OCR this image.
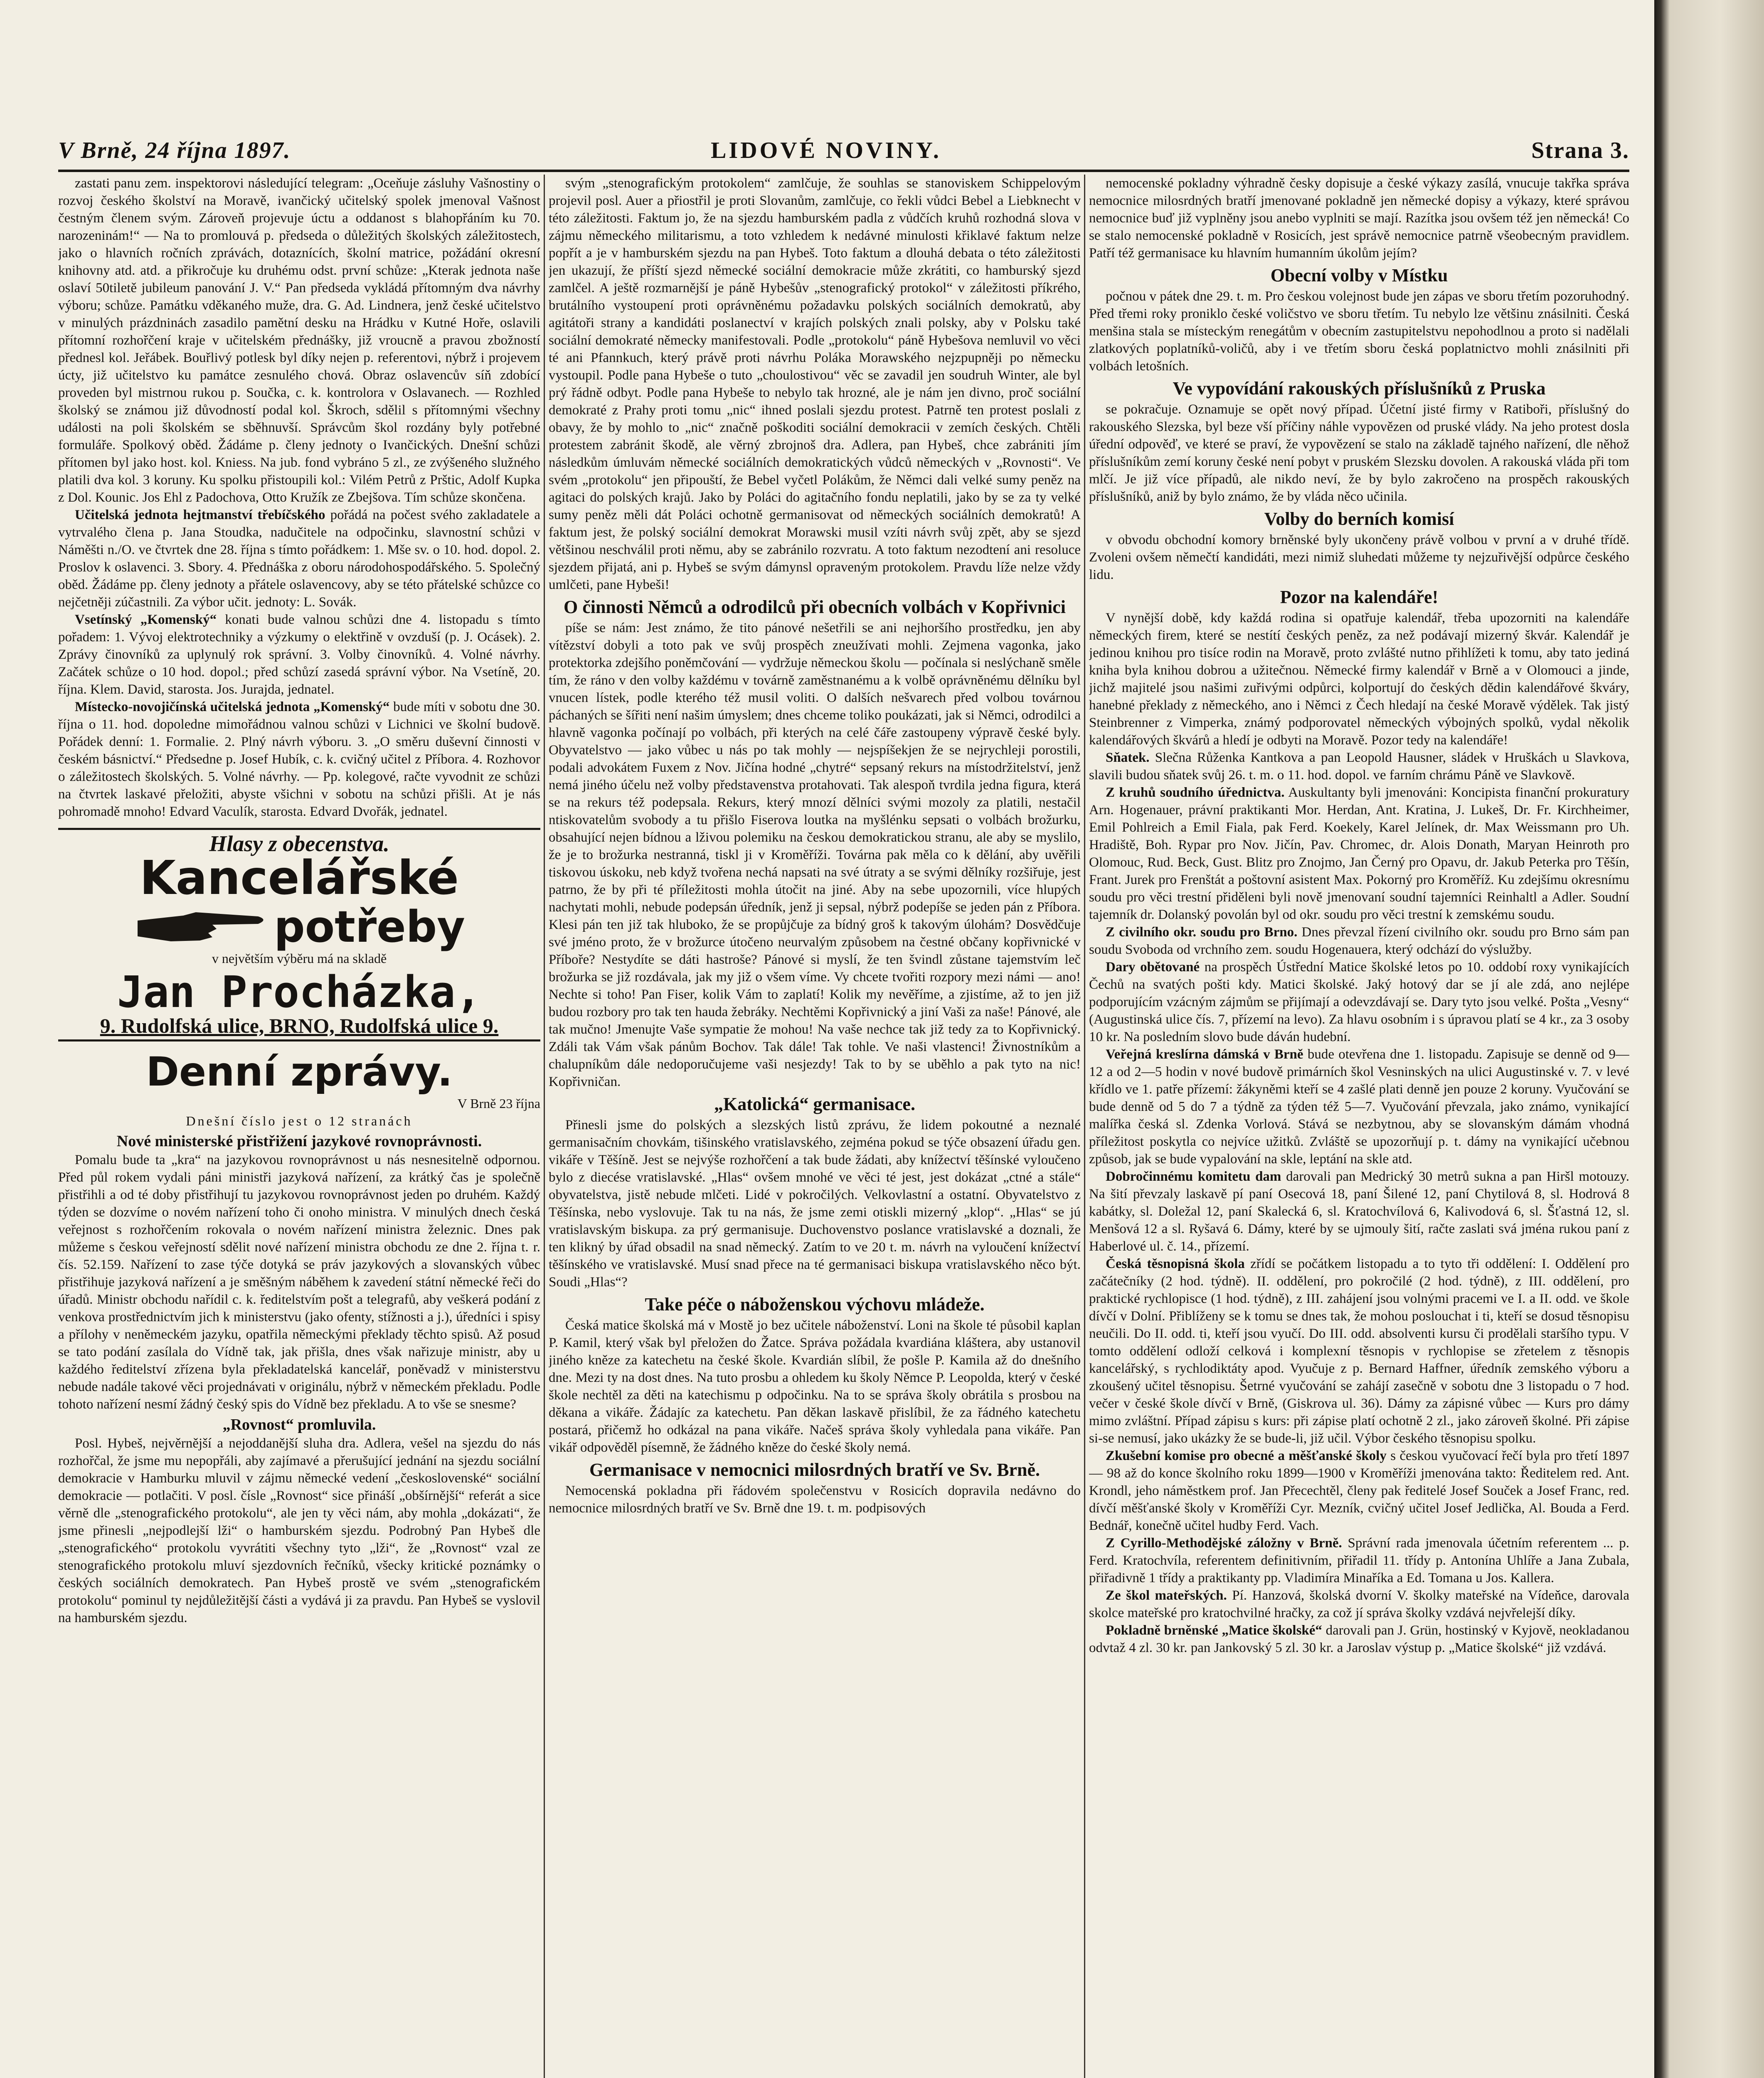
V Brně, 24 října 1897.	LIDOVÉ NOVINY.	Strana 3.

zastati panu zem. inspektorovi následující telegram: „Oceňuje zásluhy Vašnostiny o rozvoj českého školství na Moravě, ivančický učitelský spolek jmenoval Vašnost čestným členem svým. Zároveň projevuje úctu a oddanost s blahopřáním ku 70. narozeninám!“ — Na to promlouvá p. předseda o důležitých školských záležitostech, jako o hlavních ročních zprávách, dotaznících, školní matrice, požádání okresní knihovny atd. atd. a přikročuje ku druhému odst. první schůze: „Kterak jednota naše oslaví 50tiletě jubileum panování J. V.“ Pan předseda vykládá přítomným dva návrhy výboru; schůze. Památku vděkaného muže, dra. G. Ad. Lindnera, jenž české učitelstvo v minulých prázdninách zasadilo pamětní desku na Hrádku v Kutné Hoře, oslavili přítomní rozhořčení kraje v učitelském přednášky, již vroucně a pravou zbožností přednesl kol. Jeřábek. Bouřlivý potlesk byl díky nejen p. referentovi, nýbrž i projevem úcty, již učitelstvo ku památce zesnulého chová. Obraz oslavencův síň zdobící proveden byl mistrnou rukou p. Součka, c. k. kontrolora v Oslavanech. — Rozhled školský se známou již důvodností podal kol. Škroch, sdělil s přítomnými všechny události na poli školském se sběhnuvší. Správcům škol rozdány byly potřebné formuláře. Spolkový oběd. Žádáme p. členy jednoty o Ivančických. Dnešní schůzi přítomen byl jako host. kol. Kniess. Na jub. fond vybráno 5 zl., ze zvýšeného služného platili dva kol. 3 koruny. Ku spolku přistoupili kol.: Vilém Petrů z Prštic, Adolf Kupka z Dol. Kounic. Jos Ehl z Padochova, Otto Kružík ze Zbejšova. Tím schůze skončena.

Učitelská jednota hejtmanství třebíčského pořádá na počest svého zakladatele a vytrvalého člena p. Jana Stoudka, nadučitele na odpočinku, slavnostní schůzi v Náměšti n./O. ve čtvrtek dne 28. října s tímto pořádkem: 1. Mše sv. o 10. hod. dopol. 2. Proslov k oslavenci. 3. Sbory. 4. Přednáška z oboru národohospodářského. 5. Společný oběd. Žádáme pp. členy jednoty a přátele oslavencovy, aby se této přátelské schůzce co nejčetněji zúčastnili. Za výbor učit. jednoty: L. Sovák.

Vsetínský „Komenský“ konati bude valnou schůzi dne 4. listopadu s tímto pořadem: 1. Vývoj elektrotechniky a výzkumy o elektřině v ovzduší (p. J. Ocásek). 2. Zprávy činovníků za uplynulý rok správní. 3. Volby činovníků. 4. Volné návrhy. Začátek schůze o 10 hod. dopol.; před schůzí zasedá správní výbor. Na Vsetíně, 20. října. Klem. David, starosta. Jos. Jurajda, jednatel.

Místecko-novojičínská učitelská jednota „Komenský“ bude míti v sobotu dne 30. října o 11. hod. dopoledne mimořádnou valnou schůzi v Lichnici ve školní budově. Pořádek denní: 1. Formalie. 2. Plný návrh výboru. 3. „O směru duševní činnosti v českém básnictví.“ Předsedne p. Josef Hubík, c. k. cvičný učitel z Příbora. 4. Rozhovor o záležitostech školských. 5. Volné návrhy. — Pp. kolegové, račte vyvodnit ze schůzi na čtvrtek laskavé přeložiti, abyste všichni v sobotu na schůzi přišli. At je nás pohromadě mnoho! Edvard Vaculík, starosta. Edvard Dvořák, jednatel.

Hlasy z obecenstva.
Kancelářské
potřeby
v největším výběru má na skladě
Jan Procházka,
9. Rudolfská ulice, BRNO, Rudolfská ulice 9.
Denní zprávy.
V Brně 23 října
Dnešní číslo jest o 12 stranách
Nové ministerské přistřižení jazykové rovnoprávnosti.

Pomalu bude ta „kra“ na jazykovou rovnoprávnost u nás nesnesitelně odpornou. Před půl rokem vydali páni ministři jazyková nařízení, za krátký čas je společně přistřihli a od té doby přistřihují tu jazykovou rovnoprávnost jeden po druhém. Každý týden se dozvíme o novém nařízení toho či onoho ministra. V minulých dnech česká veřejnost s rozhořčením rokovala o novém nařízení ministra železnic. Dnes pak můžeme s českou veřejností sdělit nové nařízení ministra obchodu ze dne 2. října t. r. čís. 52.159. Nařízení to zase týče dotyká se práv jazykových a slovanských vůbec přistřihuje jazyková nařízení a je směšným náběhem k zavedení státní německé řeči do úřadů. Ministr obchodu nařídil c. k. ředitelstvím pošt a telegrafů, aby veškerá podání z venkova prostřednictvím jich k ministerstvu (jako ofenty, stížnosti a j.), úředníci i spisy a přílohy v neněmeckém jazyku, opatřila německými překlady těchto spisů. Až posud se tato podání zasílala do Vídně tak, jak přišla, dnes však nařizuje ministr, aby u každého ředitelství zřízena byla překladatelská kancelář, poněvadž v ministerstvu nebude nadále takové věci projednávati v originálu, nýbrž v německém překladu. Podle tohoto nařízení nesmí žádný český spis do Vídně bez překladu. A to vše se snesme?

„Rovnost“ promluvila.

Posl. Hybeš, nejvěrnější a nejoddanější sluha dra. Adlera, vešel na sjezdu do nás rozhořčal, že jsme mu nepopřáli, aby zajímavé a přerušující jednání na sjezdu sociální demokracie v Hamburku mluvil v zájmu německé vedení „československé“ sociální demokracie — potlačiti. V posl. čísle „Rovnost“ sice přináší „obšírnější“ referát a sice věrně dle „stenografického protokolu“, ale jen ty věci nám, aby mohla „dokázati“, že jsme přinesli „nejpodlejší lži“ o hamburském sjezdu. Podrobný Pan Hybeš dle „stenografického“ protokolu vyvrátiti všechny tyto „lži“, že „Rovnost“ vzal ze stenografického protokolu mluví sjezdovních řečníků, všecky kritické poznámky o českých sociálních demokratech. Pan Hybeš prostě ve svém „stenografickém protokolu“ pominul ty nejdůležitější části a vydává ji za pravdu. Pan Hybeš se vyslovil na hamburském sjezdu.

svým „stenografickým protokolem“ zamlčuje, že souhlas se stanoviskem Schippelovým projevil posl. Auer a přiostřil je proti Slovanům, zamlčuje, co řekli vůdci Bebel a Liebknecht v této záležitosti. Faktum jo, že na sjezdu hamburském padla z vůdčích kruhů rozhodná slova v zájmu německého militarismu, a toto vzhledem k nedávné minulosti křiklavé faktum nelze popřít a je v hamburském sjezdu na pan Hybeš. Toto faktum a dlouhá debata o této záležitosti jen ukazují, že příští sjezd německé sociální demokracie může zkrátiti, co hamburský sjezd zamlčel. A ještě rozmarnější je páně Hybešův „stenografický protokol“ v záležitosti příkrého, brutálního vystoupení proti oprávněnému požadavku polských sociálních demokratů, aby agitátoři strany a kandidáti poslanectví v krajích polských znali polsky, aby v Polsku také sociální demokraté německy manifestovali. Podle „protokolu“ páně Hybešova nemluvil vo věci té ani Pfannkuch, který právě proti návrhu Poláka Morawského nejzpupněji po německu vystoupil. Podle pana Hybeše o tuto „choulostivou“ věc se zavadil jen soudruh Winter, ale byl prý řádně odbyt. Podle pana Hybeše to nebylo tak hrozné, ale je nám jen divno, proč sociální demokraté z Prahy proti tomu „nic“ ihned poslali sjezdu protest. Patrně ten protest poslali z obavy, že by mohlo to „nic“ značně poškoditi sociální demokracii v zemích českých. Chtěli protestem zabránit škodě, ale věrný zbrojnoš dra. Adlera, pan Hybeš, chce zabrániti jím následkům úmluvám německé sociálních demokratických vůdců německých v „Rovnosti“. Ve svém „protokolu“ jen připouští, že Bebel vyčetl Polákům, že Němci dali velké sumy peněz na agitaci do polských krajů. Jako by Poláci do agitačního fondu neplatili, jako by se za ty velké sumy peněz měli dát Poláci ochotně germanisovat od německých sociálních demokratů! A faktum jest, že polský sociální demokrat Morawski musil vzíti návrh svůj zpět, aby se sjezd většinou neschválil proti němu, aby se zabránilo rozvratu. A toto faktum nezodtení ani resoluce sjezdem přijatá, ani p. Hybeš se svým dámynsl opraveným protokolem. Pravdu líže nelze vždy umlčeti, pane Hybeši!

O činnosti Němců a odrodilců při obecních volbách v Kopřivnici

píše se nám: Jest známo, že tito pánové nešetřili se ani nejhoršího prostředku, jen aby vítězství dobyli a toto pak ve svůj prospěch zneužívati mohli. Zejmena vagonka, jako protektorka zdejšího poněmčování — vydržuje německou školu — počínala si neslýchaně směle tím, že ráno v den volby každému v továrně zaměstnanému a k volbě oprávněnému dělníku byl vnucen lístek, podle kterého též musil voliti. O dalších nešvarech před volbou továrnou páchaných se šířiti není našim úmyslem; dnes chceme toliko poukázati, jak si Němci, odrodilci a hlavně vagonka počínají po volbách, při kterých na celé čáře zastoupeny výpravě české byly. Obyvatelstvo — jako vůbec u nás po tak mohly — nejspíšekjen že se nejrychleji porostili, podali advokátem Fuxem z Nov. Jičína hodné „chytré“ sepsaný rekurs na místodržitelství, jenž nemá jiného účelu než volby představenstva protahovati. Tak alespoň tvrdila jedna figura, která se na rekurs též podepsala. Rekurs, který mnozí dělníci svými mozoly za platili, nestačil ntiskovatelům svobody a tu přišlo Fiserova loutka na myšlénku sepsati o volbách brožurku, obsahující nejen bídnou a lživou polemiku na českou demokratickou stranu, ale aby se myslilo, že je to brožurka nestranná, tiskl ji v Kroměříži. Továrna pak měla co k dělání, aby uvěřili tiskovou úskoku, neb když tvořena nechá napsati na své útraty a se svými dělníky rozšiřuje, jest patrno, že by při té příležitosti mohla útočit na jiné. Aby na sebe upozornili, více hlupých nachytati mohli, nebude podepsán úředník, jenž ji sepsal, nýbrž podepíše se jeden pán z Příbora. Klesi pán ten již tak hluboko, že se propůjčuje za bídný groš k takovým úlohám? Dosvědčuje své jméno proto, že v brožurce útočeno neurvalým způsobem na čestné občany kopřivnické v Příboře? Nestydíte se dáti hastroše? Pánové si myslí, že ten švindl zůstane tajemstvím leč brožurka se již rozdávala, jak my již o všem víme. Vy chcete tvořiti rozpory mezi námi — ano! Nechte si toho! Pan Fiser, kolik Vám to zaplatí! Kolik my nevěříme, a zjistíme, až to jen již budou rozbory pro tak ten hauda žebráky. Nechtěmi Kopřivnický a jiní Vaši za naše! Pánové, ale tak mučno! Jmenujte Vaše sympatie že mohou! Na vaše nechce tak již tedy za to Kopřivnický. Zdáli tak Vám však pánům Bochov. Tak dále! Tak tohle. Ve naši vlastenci! Živnostníkům a chalupníkům dále nedoporučujeme vaši nesjezdy! Tak to by se uběhlo a pak tyto na nic! Kopřivničan.

„Katolická“ germanisace.

Přinesli jsme do polských a slezských listů zprávu, že lidem pokoutné a neznalé germanisačním chovkám, tišinského vratislavského, zejména pokud se týče obsazení úřadu gen. vikáře v Těšíně. Jest se nejvýše rozhořčení a tak bude žádati, aby knížectví těšínské vyloučeno bylo z diecése vratislavské. „Hlas“ ovšem mnohé ve věci té jest, jest dokázat „ctné a stále“ obyvatelstva, jistě nebude mlčeti. Lidé v pokročilých. Velkovlastní a ostatní. Obyvatelstvo z Těšínska, nebo vyslovuje. Tak tu na nás, že jsme zemi otiskli mizerný „klop“. „Hlas“ se jú vratislavským biskupa. za prý germanisuje. Duchovenstvo poslance vratislavské a doznali, že ten klikný by úřad obsadil na snad německý. Zatím to ve 20 t. m. návrh na vyloučení knížectví těšínského ve vratislavské. Musí snad přece na té germanisaci biskupa vratislavského něco být. Soudi „Hlas“?

Take péče o náboženskou výchovu mládeže.

Česká matice školská má v Mostě jo bez učitele náboženství. Loni na škole té působil kaplan P. Kamil, který však byl přeložen do Žatce. Správa požádala kvardiána kláštera, aby ustanovil jiného kněze za katechetu na české škole. Kvardián slíbil, že pošle P. Kamila až do dnešního dne. Mezi ty na dost dnes. Na tuto prosbu a ohledem ku školy Němce P. Leopolda, který v české škole nechtěl za děti na katechismu p odpočinku. Na to se správa školy obrátila s prosbou na děkana a vikáře. Žádajíc za katechetu. Pan děkan laskavě přislíbil, že za řádného katechetu postará, přičemž ho odkázal na pana vikáře. Načeš správa školy vyhledala pana vikáře. Pan vikář odpověděl písemně, že žádného kněze do české školy nemá.

Germanisace v nemocnici milosrdných bratří ve Sv. Brně.

Nemocenská pokladna při řádovém společenstvu v Rosicích dopravila nedávno do nemocnice milosrdných bratří ve Sv. Brně dne 19. t. m. podpisových

nemocenské pokladny výhradně česky dopisuje a české výkazy zasílá, vnucuje takřka správa nemocnice milosrdných bratří jmenované pokladně jen německé dopisy a výkazy, které správou nemocnice buď již vyplněny jsou anebo vyplniti se mají. Razítka jsou ovšem též jen německá! Co se stalo nemocenské pokladně v Rosicích, jest správě nemocnice patrně všeobecným pravidlem. Patří též germanisace ku hlavním humanním úkolům jejím?

Obecní volby v Místku

počnou v pátek dne 29. t. m. Pro českou volejnost bude jen zápas ve sboru třetím pozoruhodný. Před třemi roky proniklo české voličstvo ve sboru třetím. Tu nebylo lze většinu znásilniti. Česká menšina stala se místeckým renegátům v obecním zastupitelstvu nepohodlnou a proto si nadělali zlatkových poplatníků-voličů, aby i ve třetím sboru česká poplatnictvo mohli znásilniti při volbách letošních.

Ve vypovídání rakouských příslušníků z Pruska

se pokračuje. Oznamuje se opět nový případ. Účetní jisté firmy v Ratiboři, příslušný do rakouského Slezska, byl beze vší příčiny náhle vypovězen od pruské vlády. Na jeho protest dosla úřední odpověď, ve které se praví, že vypovězení se stalo na základě tajného nařízení, dle něhož příslušníkům zemí koruny české není pobyt v pruském Slezsku dovolen. A rakouská vláda při tom mlčí. Je již více případů, ale nikdo neví, že by bylo zakročeno na prospěch rakouských příslušníků, aniž by bylo známo, že by vláda něco učinila.

Volby do berních komisí

v obvodu obchodní komory brněnské byly ukončeny právě volbou v první a v druhé třídě. Zvoleni ovšem němečtí kandidáti, mezi nimiž sluhedati můžeme ty nejzuřivější odpůrce českého lidu.

Pozor na kalendáře!

V nynější době, kdy každá rodina si opatřuje kalendář, třeba upozorniti na kalendáře německých firem, které se nestítí českých peněz, za než podávají mizerný škvár. Kalendář je jedinou knihou pro tisíce rodin na Moravě, proto zvlášté nutno přihlížeti k tomu, aby tato jediná kniha byla knihou dobrou a užitečnou. Německé firmy kalendář v Brně a v Olomouci a jinde, jichž majitelé jsou našimi zuřivými odpůrci, kolportují do českých dědin kalendářové škváry, hanebné překlady z německého, ano i Němci z Čech hledají na české Moravě výdělek. Tak jistý Steinbrenner z Vimperka, známý podporovatel německých výbojných spolků, vydal několik kalendářových škvárů a hledí je odbyti na Moravě. Pozor tedy na kalendáře!

Sňatek. Slečna Růženka Kantkova a pan Leopold Hausner, sládek v Hruškách u Slavkova, slavili budou sňatek svůj 26. t. m. o 11. hod. dopol. ve farním chrámu Páně ve Slavkově.

Z kruhů soudního úřednictva. Auskultanty byli jmenováni: Koncipista finanční prokuratury Arn. Hogenauer, právní praktikanti Mor. Herdan, Ant. Kratina, J. Lukeš, Dr. Fr. Kirchheimer, Emil Pohlreich a Emil Fiala, pak Ferd. Koekely, Karel Jelínek, dr. Max Weissmann pro Uh. Hradiště, Boh. Rypar pro Nov. Jičín, Pav. Chromec, dr. Alois Donath, Maryan Heinroth pro Olomouc, Rud. Beck, Gust. Blitz pro Znojmo, Jan Černý pro Opavu, dr. Jakub Peterka pro Těšín, Frant. Jurek pro Frenštát a poštovní asistent Max. Pokorný pro Kroměříž. Ku zdejšímu okresnímu soudu pro věci trestní přiděleni byli nově jmenovaní soudní tajemníci Reinhaltl a Adler. Soudní tajemník dr. Dolanský povolán byl od okr. soudu pro věci trestní k zemskému soudu.

Z civilního okr. soudu pro Brno. Dnes převzal řízení civilního okr. soudu pro Brno sám pan soudu Svoboda od vrchního zem. soudu Hogenauera, který odchází do výslužby.

Dary obětované na prospěch Ústřední Matice školské letos po 10. oddobí roxy vynikajících Čechů na svatých pošti kdy. Matici školské. Jaký hotový dar se jí ale zdá, ano nejlépe podporujícím vzácným zájmům se přijímají a odevzdávají se. Dary tyto jsou velké. Pošta „Vesny“ (Augustinská ulice čís. 7, přízemí na levo). Za hlavu osobním i s úpravou platí se 4 kr., za 3 osoby 10 kr. Na posledním slovo bude dáván hudební.

Veřejná kreslírna dámská v Brně bude otevřena dne 1. listopadu. Zapisuje se denně od 9—12 a od 2—5 hodin v nové budově primárních škol Vesninských na ulici Augustinské v. 7. v levé křídlo ve 1. patře přízemí: žákyněmi kteří se 4 zašlé plati denně jen pouze 2 koruny. Vyučování se bude denně od 5 do 7 a týdně za týden též 5—7. Vyučování převzala, jako známo, vynikající malířka česká sl. Zdenka Vorlová. Stává se nezbytnou, aby se slovanským dámám vhodná příležitost poskytla co nejvíce užitků. Zvláště se upozorňují p. t. dámy na vynikající učebnou způsob, jak se bude vypalování na skle, leptání na skle atd.

Dobročinnému komitetu dam darovali pan Medrický 30 metrů sukna a pan Hiršl motouzy. Na šití převzaly laskavě pí paní Osecová 18, paní Šilené 12, paní Chytilová 8, sl. Hodrová 8 kabátky, sl. Doležal 12, paní Skalecká 6, sl. Kratochvílová 6, Kalivodová 6, sl. Šťastná 12, sl. Menšová 12 a sl. Ryšavá 6. Dámy, které by se ujmouly šití, račte zaslati svá jména rukou paní z Haberlové ul. č. 14., přízemí.

Česká těsnopisná škola zřídí se počátkem listopadu a to tyto tři oddělení: I. Oddělení pro začátečníky (2 hod. týdně). II. oddělení, pro pokročilé (2 hod. týdně), z III. oddělení, pro praktické rychlopisce (1 hod. týdně), z III. zahájení jsou volnými pracemi ve I. a II. odd. ve škole dívčí v Dolní. Přiblíženy se k tomu se dnes tak, že mohou poslouchat i ti, kteří se dosud těsnopisu neučili. Do II. odd. ti, kteří jsou vyučí. Do III. odd. absolventi kursu či prodělali staršího typu. V tomto oddělení odloží celková i komplexní těsnopis v rychlopise se zřetelem z těsnopis kancelářský, s rychlodiktáty apod. Vyučuje z p. Bernard Haffner, úředník zemského výboru a zkoušený učitel těsnopisu. Šetrné vyučování se zahájí zasečně v sobotu dne 3 listopadu o 7 hod. večer v české škole dívčí v Brně, (Giskrova ul. 36). Dámy za zápisné vůbec — Kurs pro dámy mimo zvláštní. Případ zápisu s kurs: při zápise platí ochotně 2 zl., jako zároveň školné. Při zápise si-se nemusí, jako ukázky že se bude-li, již učil. Výbor českého těsnopisu spolku.

Zkušební komise pro obecné a měšťanské školy s českou vyučovací řečí byla pro třetí 1897 — 98 až do konce školního roku 1899—1900 v Kroměříži jmenována takto: Ředitelem red. Ant. Krondl, jeho náměstkem prof. Jan Přecechtěl, členy pak ředitelé Josef Souček a Josef Franc, red. dívčí měšťanské školy v Kroměříži Cyr. Mezník, cvičný učitel Josef Jedlička, Al. Bouda a Ferd. Bednář, konečně učitel hudby Ferd. Vach.

Z Cyrillo-Methodějské záložny v Brně. Správní rada jmenovala účetním referentem ... p. Ferd. Kratochvíla, referentem definitivním, přiřadil 11. třídy p. Antonína Uhlíře a Jana Zubala, přiřadivně 1 třídy a praktikanty pp. Vladimíra Minaříka a Ed. Tomana u Jos. Kallera.

Ze škol mateřských. Pí. Hanzová, školská dvorní V. školky mateřské na Vídeňce, darovala skolce mateřské pro kratochvilné hračky, za což jí správa školky vzdává nejvřelejší díky.

Pokladně brněnské „Matice školské“ darovali pan J. Grün, hostinský v Kyjově, neokladanou odvtaž 4 zl. 30 kr. pan Jankovský 5 zl. 30 kr. a Jaroslav výstup p. „Matice školské“ již vzdává.
